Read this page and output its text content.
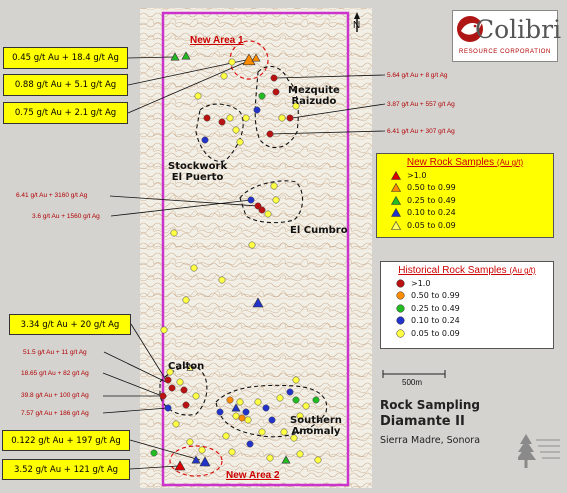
N
500m
Colibri
RESOURCE CORPORATION
New Rock Samples (Au g/t)
>1.0
0.50 to 0.99
0.25 to 0.49
0.10 to 0.24
0.05 to 0.09
Historical Rock Samples (Au g/t)
>1.0
0.50 to 0.99
0.25 to 0.49
0.10 to 0.24
0.05 to 0.09
New Area 1
New Area 2
Mezquite
Raizudo
Stockwork
El Puerto
El Cumbro
Calton
Southern
Anomaly
0.45 g/t Au + 18.4 g/t Ag
0.88 g/t Au + 5.1 g/t Ag
0.75 g/t Au + 2.1 g/t Ag
3.34 g/t Au + 20 g/t Ag
0.122 g/t Au + 197 g/t Ag
3.52 g/t Au + 121 g/t Ag
5.64 g/t Au + 8 g/t Ag
3.87 g/t Au + 557 g/t Ag
6.41 g/t Au + 307 g/t Ag
6.41 g/t Au + 3160 g/t Ag
3.6 g/t Au + 1560 g/t Ag
51.5 g/t Au + 11 g/t Ag
18.65 g/t Au + 82 g/t Ag
39.8 g/t Au + 100 g/t Ag
7.57 g/t Au + 186 g/t Ag
Rock Sampling
Diamante II
Sierra Madre, Sonora
